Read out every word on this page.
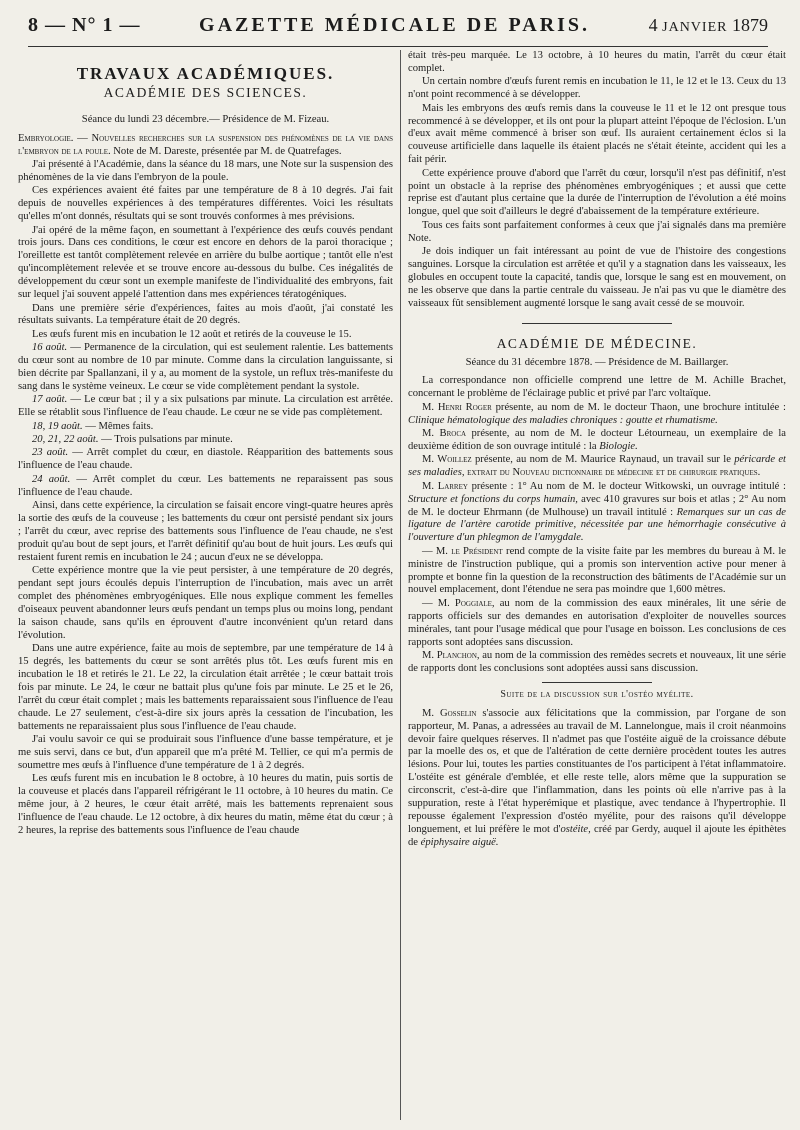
8 — N° 1 —	GAZETTE MÉDICALE DE PARIS.	4 JANVIER 1879
TRAVAUX ACADÉMIQUES.
ACADÉMIE DES SCIENCES.

Séance du lundi 23 décembre.— Présidence de M. Fizeau.

Embryologie. — Nouvelles recherches sur la suspension des phénomènes de la vie dans l'embryon de la poule. Note de M. Dareste, présentée par M. de Quatrefages.

J'ai présenté à l'Académie, dans la séance du 18 mars, une Note sur la suspension des phénomènes de la vie dans l'embryon de la poule.

Ces expériences avaient été faites par une température de 8 à 10 degrés. J'ai fait depuis de nouvelles expériences à des températures différentes. Voici les résultats qu'elles m'ont donnés, résultats qui se sont trouvés conformes à mes prévisions.

J'ai opéré de la même façon, en soumettant à l'expérience des œufs couvés pendant trois jours. Dans ces conditions, le cœur est encore en dehors de la paroi thoracique ; l'oreillette est tantôt complètement relevée en arrière du bulbe aortique ; tantôt elle n'est qu'incomplètement relevée et se trouve encore au-dessous du bulbe. Ces inégalités de développement du cœur sont un exemple manifeste de l'individualité des embryons, fait sur lequel j'ai souvent appelé l'attention dans mes expériences tératogéniques.

Dans une première série d'expériences, faites au mois d'août, j'ai constaté les résultats suivants. La température était de 20 degrés.

Les œufs furent mis en incubation le 12 août et retirés de la couveuse le 15.

16 août. — Permanence de la circulation, qui est seulement ralentie. Les battements du cœur sont au nombre de 10 par minute. Comme dans la circulation languissante, si bien décrite par Spallanzani, il y a, au moment de la systole, un reflux très-manifeste du sang dans le système veineux. Le cœur se vide complètement pendant la systole.

17 août. — Le cœur bat ; il y a six pulsations par minute. La circulation est arrêtée. Elle se rétablit sous l'influence de l'eau chaude. Le cœur ne se vide pas complètement.

18, 19 août. — Mêmes faits.

20, 21, 22 août. — Trois pulsations par minute.

23 août. — Arrêt complet du cœur, en diastole. Réapparition des battements sous l'influence de l'eau chaude.

24 août. — Arrêt complet du cœur. Les battements ne reparaissent pas sous l'influence de l'eau chaude.

Ainsi, dans cette expérience, la circulation se faisait encore vingt-quatre heures après la sortie des œufs de la couveuse ; les battements du cœur ont persisté pendant six jours ; l'arrêt du cœur, avec reprise des battements sous l'influence de l'eau chaude, ne s'est produit qu'au bout de sept jours, et l'arrêt définitif qu'au bout de huit jours. Les œufs qui restaient furent remis en incubation le 24 ; aucun d'eux ne se développa.

Cette expérience montre que la vie peut persister, à une température de 20 degrés, pendant sept jours écoulés depuis l'interruption de l'incubation, mais avec un arrêt complet des phénomènes embryogéniques. Elle nous explique comment les femelles d'oiseaux peuvent abandonner leurs œufs pendant un temps plus ou moins long, pendant la saison chaude, sans qu'ils en éprouvent d'autre inconvénient qu'un retard dans l'évolution.

Dans une autre expérience, faite au mois de septembre, par une température de 14 à 15 degrés, les battements du cœur se sont arrêtés plus tôt. Les œufs furent mis en incubation le 18 et retirés le 21. Le 22, la circulation était arrêtée ; le cœur battait trois fois par minute. Le 24, le cœur ne battait plus qu'une fois par minute. Le 25 et le 26, l'arrêt du cœur était complet ; mais les battements reparaissaient sous l'influence de l'eau chaude. Le 27 seulement, c'est-à-dire six jours après la cessation de l'incubation, les battements ne reparaissaient plus sous l'influence de l'eau chaude.

J'ai voulu savoir ce qui se produirait sous l'influence d'une basse température, et je me suis servi, dans ce but, d'un appareil que m'a prêté M. Tellier, ce qui m'a permis de soumettre mes œufs à l'influence d'une température de 1 à 2 degrés.

Les œufs furent mis en incubation le 8 octobre, à 10 heures du matin, puis sortis de la couveuse et placés dans l'appareil réfrigérant le 11 octobre, à 10 heures du matin. Ce même jour, à 2 heures, le cœur était arrêté, mais les battements reprenaient sous l'influence de l'eau chaude. Le 12 octobre, à dix heures du matin, même état du cœur ; à 2 heures, la reprise des battements sous l'influence de l'eau chaude

était très-peu marquée. Le 13 octobre, à 10 heures du matin, l'arrêt du cœur était complet.

Un certain nombre d'œufs furent remis en incubation le 11, le 12 et le 13. Ceux du 13 n'ont point recommencé à se développer.

Mais les embryons des œufs remis dans la couveuse le 11 et le 12 ont presque tous recommencé à se développer, et ils ont pour la plupart atteint l'époque de l'éclosion. L'un d'eux avait même commencé à briser son œuf. Ils auraient certainement éclos si la couveuse artificielle dans laquelle ils étaient placés ne s'était éteinte, accident qui les a fait périr.

Cette expérience prouve d'abord que l'arrêt du cœur, lorsqu'il n'est pas définitif, n'est point un obstacle à la reprise des phénomènes embryogéniques ; et aussi que cette reprise est d'autant plus certaine que la durée de l'interruption de l'évolution a été moins longue, quel que soit d'ailleurs le degré d'abaissement de la température extérieure.

Tous ces faits sont parfaitement conformes à ceux que j'ai signalés dans ma première Note.

Je dois indiquer un fait intéressant au point de vue de l'histoire des congestions sanguines. Lorsque la circulation est arrêtée et qu'il y a stagnation dans les vaisseaux, les globules en occupent toute la capacité, tandis que, lorsque le sang est en mouvement, on ne les observe que dans la partie centrale du vaisseau. Je n'ai pas vu que le diamètre des vaisseaux fût sensiblement augmenté lorsque le sang avait cessé de se mouvoir.

ACADÉMIE DE MÉDECINE.

Séance du 31 décembre 1878. — Présidence de M. Baillarger.

La correspondance non officielle comprend une lettre de M. Achille Brachet, concernant le problème de l'éclairage public et privé par l'arc voltaïque.

M. Henri Roger présente, au nom de M. le docteur Thaon, une brochure intitulée : Clinique hématologique des maladies chroniques : goutte et rhumatisme.

M. Broca présente, au nom de M. le docteur Létourneau, un exemplaire de la deuxième édition de son ouvrage intitulé : la Biologie.

M. Woillez présente, au nom de M. Maurice Raynaud, un travail sur le péricarde et ses maladies, extrait du Nouveau dictionnaire de médecine et de chirurgie pratiques.

M. Larrey présente : 1° Au nom de M. le docteur Witkowski, un ouvrage intitulé : Structure et fonctions du corps humain, avec 410 gravures sur bois et atlas ; 2° Au nom de M. le docteur Ehrmann (de Mulhouse) un travail intitulé : Remarques sur un cas de ligature de l'artère carotide primitive, nécessitée par une hémorrhagie consécutive à l'ouverture d'un phlegmon de l'amygdale.

— M. le Président rend compte de la visite faite par les membres du bureau à M. le ministre de l'instruction publique, qui a promis son intervention active pour mener à prompte et bonne fin la question de la reconstruction des bâtiments de l'Académie sur un nouvel emplacement, dont l'étendue ne sera pas moindre que 1,600 mètres.

— M. Poggiale, au nom de la commission des eaux minérales, lit une série de rapports officiels sur des demandes en autorisation d'exploiter de nouvelles sources minérales, tant pour l'usage médical que pour l'usage en boisson. Les conclusions de ces rapports sont adoptées sans discussion.

M. Planchon, au nom de la commission des remèdes secrets et nouveaux, lit une série de rapports dont les conclusions sont adoptées aussi sans discussion.

Suite de la discussion sur l'ostéo myélite.

M. Gosselin s'associe aux félicitations que la commission, par l'organe de son rapporteur, M. Panas, a adressées au travail de M. Lannelongue, mais il croit néanmoins devoir faire quelques réserves. Il n'admet pas que l'ostéite aiguë de la croissance débute par la moelle des os, et que de l'altération de cette dernière procèdent toutes les autres lésions. Pour lui, toutes les parties constituantes de l'os participent à l'état inflammatoire. L'ostéite est générale d'emblée, et elle reste telle, alors même que la suppuration se circonscrit, c'est-à-dire que l'inflammation, dans les points où elle n'arrive pas à la suppuration, reste à l'état hyperémique et plastique, avec tendance à l'hypertrophie. Il repousse également l'expression d'ostéo myélite, pour des raisons qu'il développe longuement, et lui préfère le mot d'ostéite, créé par Gerdy, auquel il ajoute les épithètes de épiphysaire aiguë.
